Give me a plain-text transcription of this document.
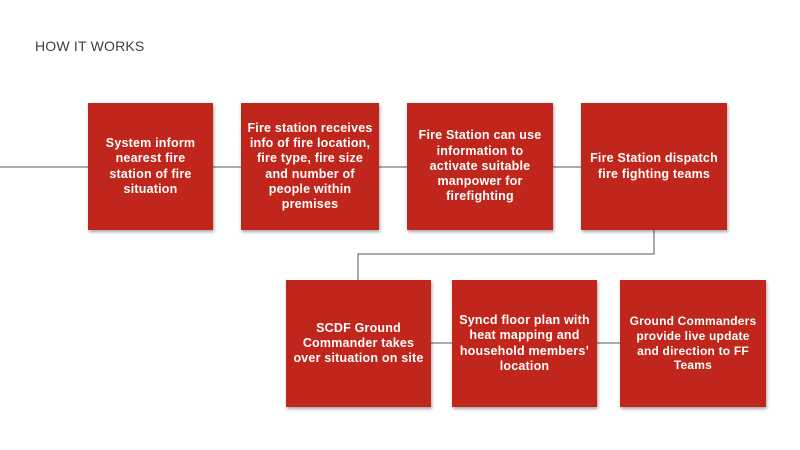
HOW IT WORKS
System inform nearest fire station of fire situation
Fire station receives info of fire location, fire type, fire size and number of people within premises
Fire Station can use information to activate suitable manpower for firefighting
Fire Station dispatch fire fighting teams
SCDF Ground Commander takes over situation on site
Syncd floor plan with heat mapping and household members’ location
Ground Commanders provide live update and direction to FF Teams
